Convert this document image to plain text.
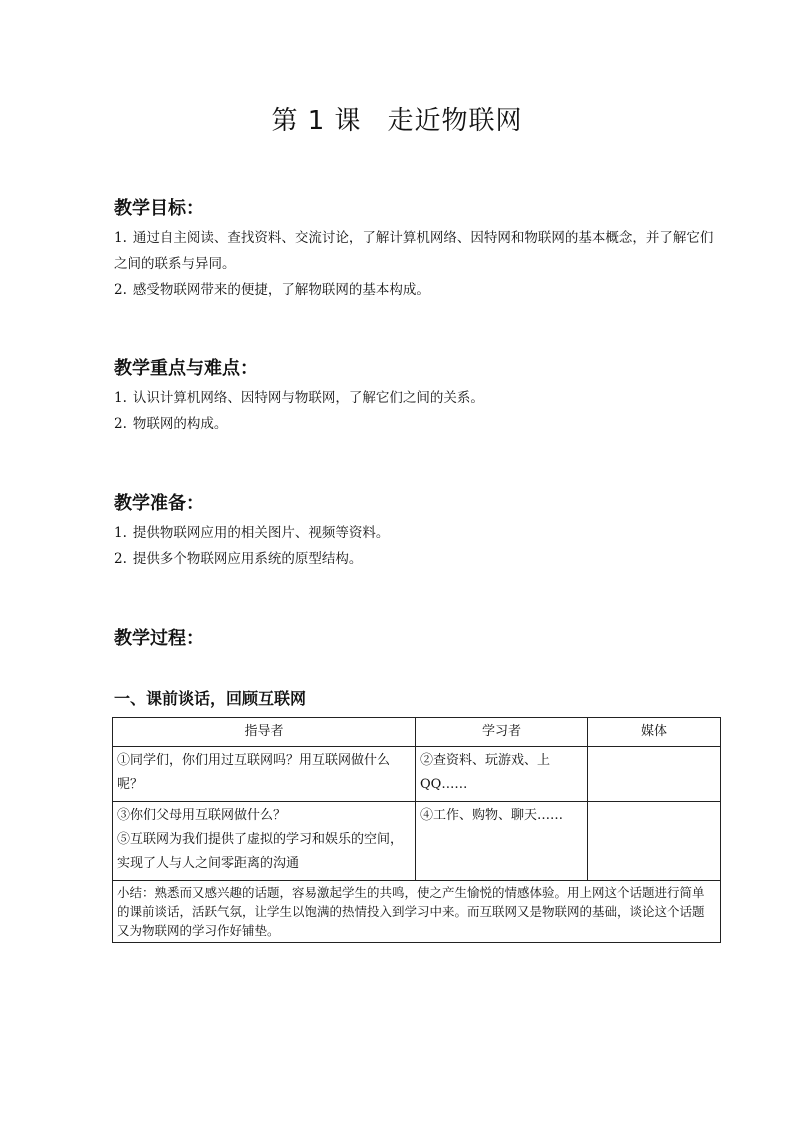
第 1 课 走近物联网
教学目标：

1. 通过自主阅读、查找资料、交流讨论，了解计算机网络、因特网和物联网的基本概念，并了解它们之间的联系与异同。

2. 感受物联网带来的便捷，了解物联网的基本构成。

教学重点与难点：

1. 认识计算机网络、因特网与物联网，了解它们之间的关系。

2. 物联网的构成。

教学准备：

1. 提供物联网应用的相关图片、视频等资料。

2. 提供多个物联网应用系统的原型结构。

教学过程：
一、课前谈话，回顾互联网
指导者	学习者	媒体

①同学们，你们用过互联网吗？用互联网做什么呢？	②查资料、玩游戏、上 QQ……	

③你们父母用互联网做什么？
⑤互联网为我们提供了虚拟的学习和娱乐的空间，实现了人与人之间零距离的沟通	④工作、购物、聊天……	
小结：熟悉而又感兴趣的话题，容易激起学生的共鸣，使之产生愉悦的情感体验。用上网这个话题进行简单的课前谈话，活跃气氛，让学生以饱满的热情投入到学习中来。而互联网又是物联网的基础，谈论这个话题又为物联网的学习作好铺垫。		
